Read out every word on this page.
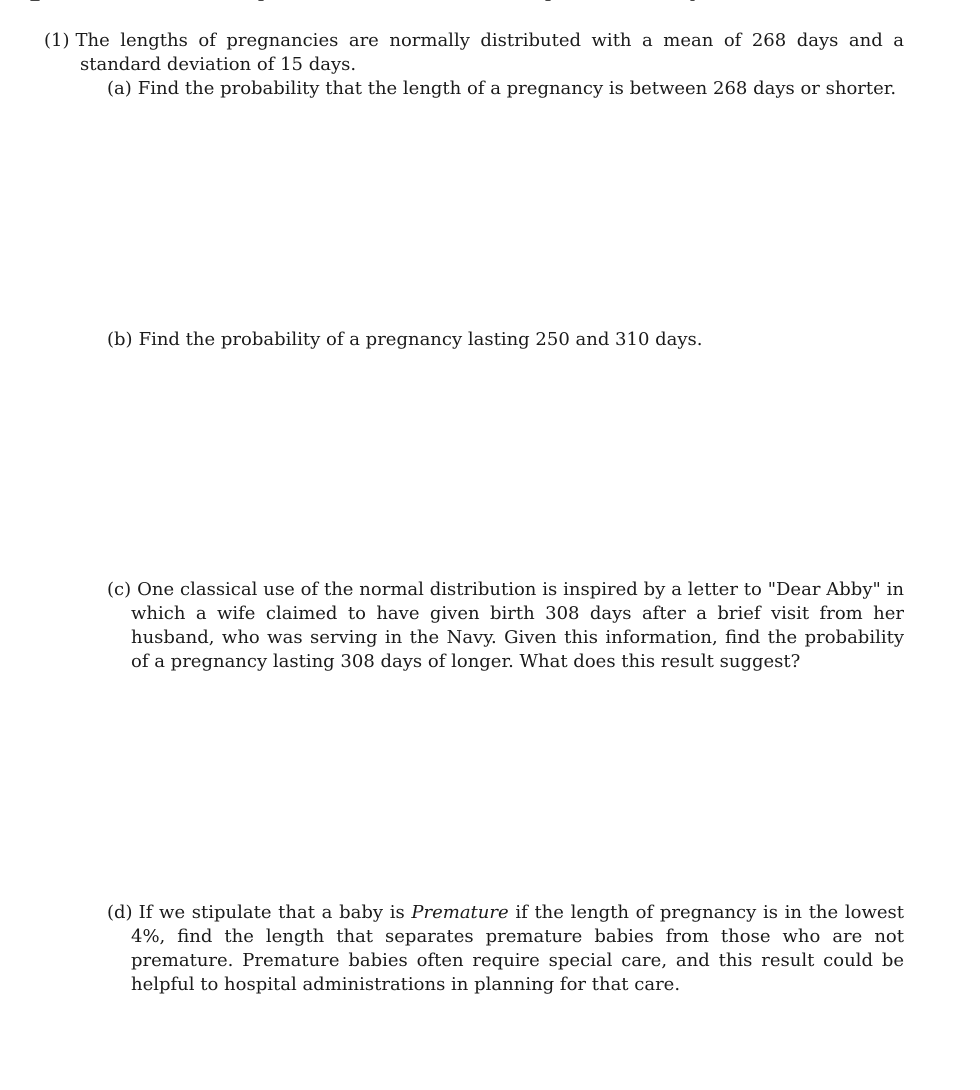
(1) The lengths of pregnancies are normally distributed with a mean of 268 days and a standard deviation of 15 days.
(a) Find the probability that the length of a pregnancy is between 268 days or shorter.
(b) Find the probability of a pregnancy lasting 250 and 310 days.
(c) One classical use of the normal distribution is inspired by a letter to "Dear Abby" in which a wife claimed to have given birth 308 days after a brief visit from her husband, who was serving in the Navy. Given this information, find the probability of a pregnancy lasting 308 days of longer. What does this result suggest?
(d) If we stipulate that a baby is Premature if the length of pregnancy is in the lowest 4%, find the length that separates premature babies from those who are not premature. Premature babies often require special care, and this result could be helpful to hospital administrations in planning for that care.
